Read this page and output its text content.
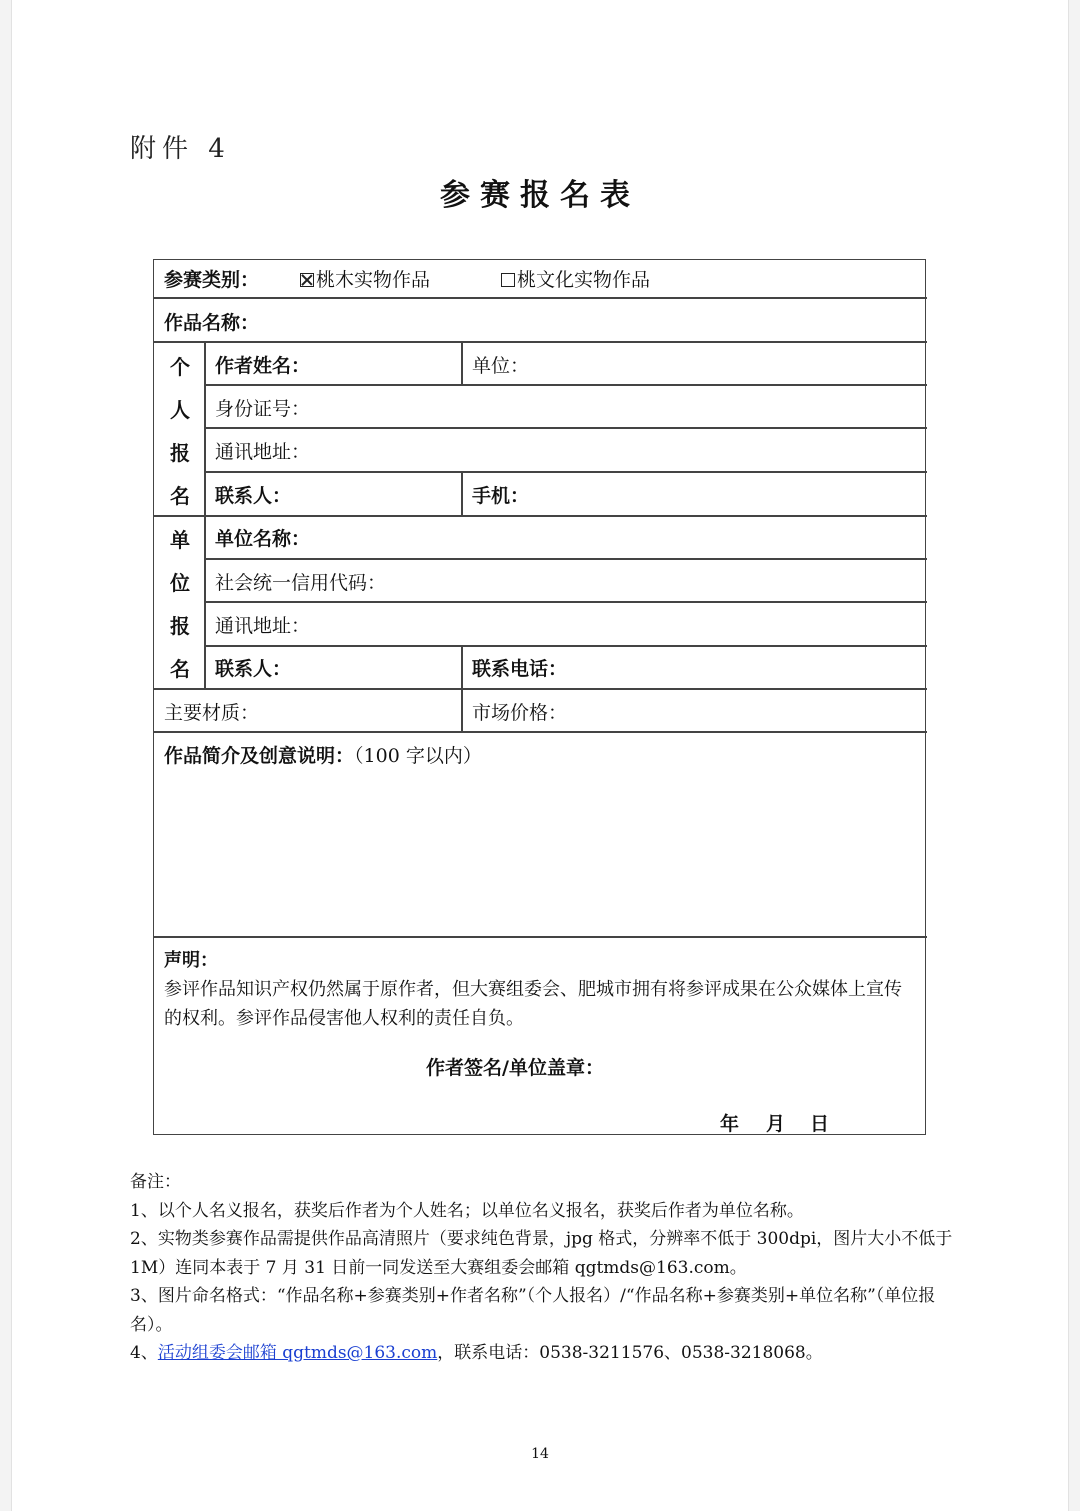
附件 4
参赛报名表
参赛类别：	桃木实物作品	桃文化实物作品
作品名称：
个
人
报
名
作者姓名：	单位：
身份证号：
通讯地址：
联系人：	手机：
单
位
报
名
单位名称：
社会统一信用代码：
通讯地址：
联系人：	联系电话：
主要材质：	市场价格：
作品简介及创意说明：（100 字以内）
声明：
参评作品知识产权仍然属于原作者，但大赛组委会、肥城市拥有将参评成果在公众媒体上宣传的权利。参评作品侵害他人权利的责任自负。
作者签名/单位盖章：
年 月 日

备注：

1、以个人名义报名，获奖后作者为个人姓名；以单位名义报名，获奖后作者为单位名称。

2、实物类参赛作品需提供作品高清照片（要求纯色背景，jpg 格式，分辨率不低于 300dpi，图片大小不低于 1M）连同本表于 7 月 31 日前一同发送至大赛组委会邮箱 qgtmds@163.com。

3、图片命名格式：“作品名称+参赛类别+作者名称”（个人报名）/“作品名称+参赛类别+单位名称”（单位报名）。

4、活动组委会邮箱 qgtmds@163.com，联系电话：0538-3211576、0538-3218068。

14
